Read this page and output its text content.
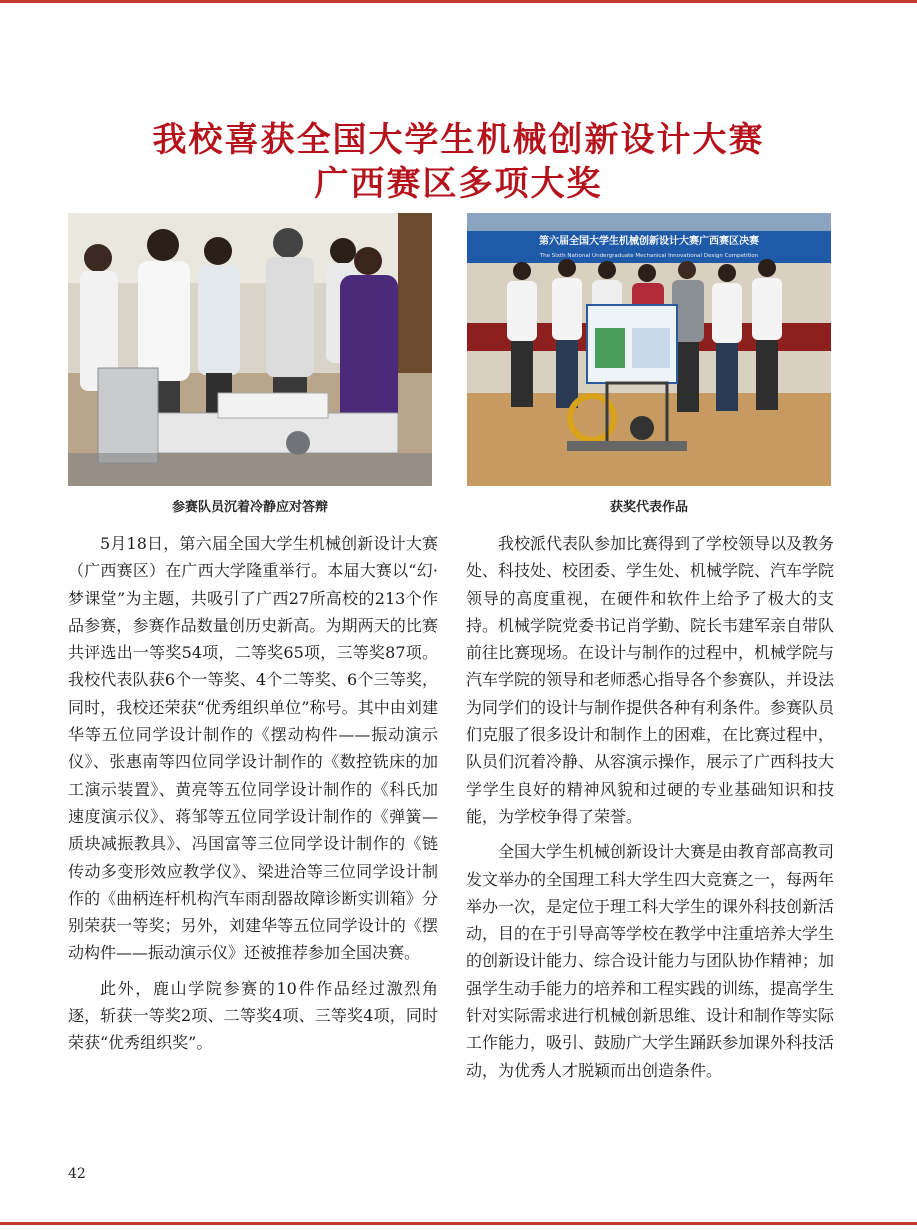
我校喜获全国大学生机械创新设计大赛
广西赛区多项大奖
参赛队员沉着冷静应对答辩
第六届全国大学生机械创新设计大赛广西赛区决赛
The Sixth National Undergraduate Mechanical Innovational Design Competition
获奖代表作品

5月18日，第六届全国大学生机械创新设计大赛（广西赛区）在广西大学隆重举行。本届大赛以“幻·梦课堂”为主题，共吸引了广西27所高校的213个作品参赛，参赛作品数量创历史新高。为期两天的比赛共评选出一等奖54项，二等奖65项，三等奖87项。我校代表队获6个一等奖、4个二等奖、6个三等奖，同时，我校还荣获“优秀组织单位”称号。其中由刘建华等五位同学设计制作的《摆动构件——振动演示仪》、张惠南等四位同学设计制作的《数控铣床的加工演示装置》、黄亮等五位同学设计制作的《科氏加速度演示仪》、蒋邹等五位同学设计制作的《弹簧—质块减振教具》、冯国富等三位同学设计制作的《链传动多变形效应教学仪》、梁进洽等三位同学设计制作的《曲柄连杆机构汽车雨刮器故障诊断实训箱》分别荣获一等奖；另外，刘建华等五位同学设计的《摆动构件——振动演示仪》还被推荐参加全国决赛。

此外，鹿山学院参赛的10件作品经过激烈角逐，斩获一等奖2项、二等奖4项、三等奖4项，同时荣获“优秀组织奖”。

我校派代表队参加比赛得到了学校领导以及教务处、科技处、校团委、学生处、机械学院、汽车学院领导的高度重视，在硬件和软件上给予了极大的支持。机械学院党委书记肖学勤、院长韦建军亲自带队前往比赛现场。在设计与制作的过程中，机械学院与汽车学院的领导和老师悉心指导各个参赛队，并设法为同学们的设计与制作提供各种有利条件。参赛队员们克服了很多设计和制作上的困难，在比赛过程中，队员们沉着冷静、从容演示操作，展示了广西科技大学学生良好的精神风貌和过硬的专业基础知识和技能，为学校争得了荣誉。

全国大学生机械创新设计大赛是由教育部高教司发文举办的全国理工科大学生四大竞赛之一，每两年举办一次，是定位于理工科大学生的课外科技创新活动，目的在于引导高等学校在教学中注重培养大学生的创新设计能力、综合设计能力与团队协作精神；加强学生动手能力的培养和工程实践的训练，提高学生针对实际需求进行机械创新思维、设计和制作等实际工作能力，吸引、鼓励广大学生踊跃参加课外科技活动，为优秀人才脱颖而出创造条件。

42
